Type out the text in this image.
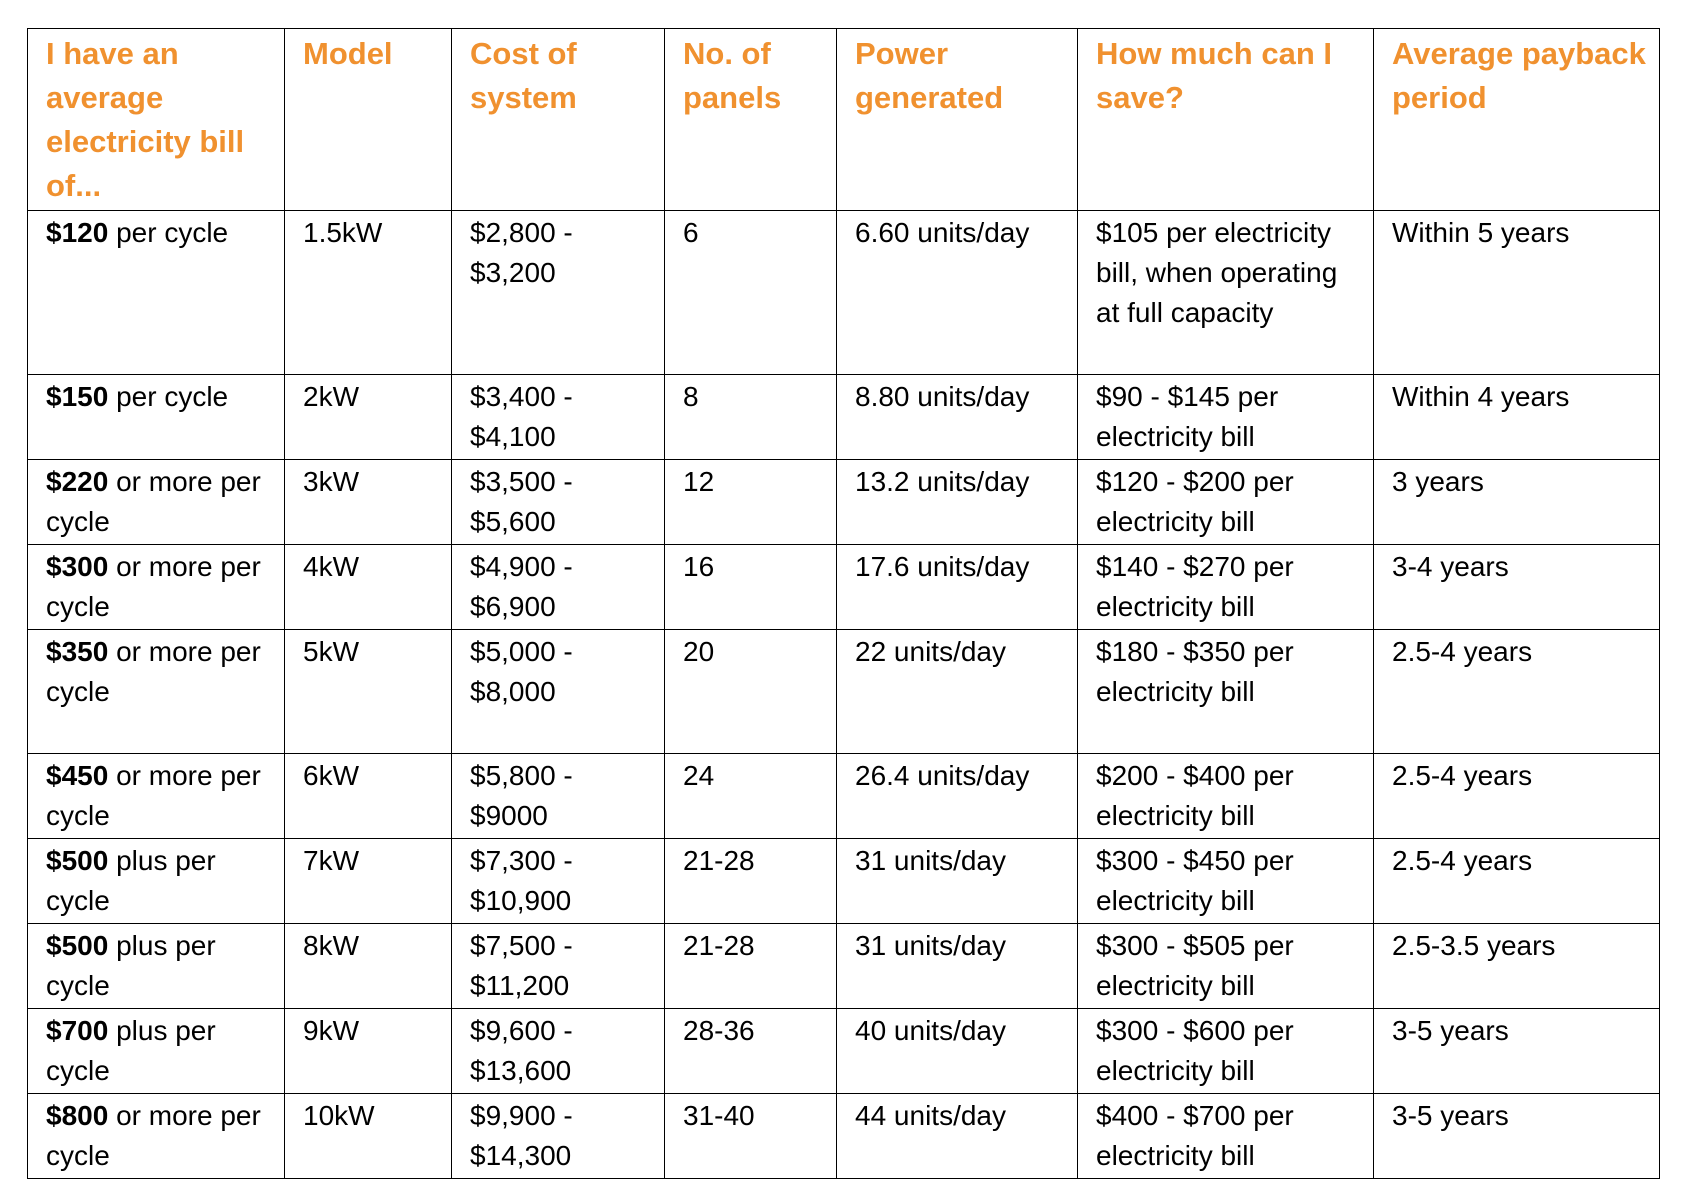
I have an average electricity bill of...	Model	Cost of system	No. of panels	Power generated	How much can I save?	Average payback period
$120 per cycle	1.5kW	$2,800 - $3,200	6	6.60 units/day	$105 per electricity bill, when operating at full capacity	Within 5 years
$150 per cycle	2kW	$3,400 - $4,100	8	8.80 units/day	$90 - $145 per electricity bill	Within 4 years
$220 or more per cycle	3kW	$3,500 - $5,600	12	13.2 units/day	$120 - $200 per electricity bill	3 years
$300 or more per cycle	4kW	$4,900 - $6,900	16	17.6 units/day	$140 - $270 per electricity bill	3-4 years
$350 or more per cycle	5kW	$5,000 - $8,000	20	22 units/day	$180 - $350 per electricity bill	2.5-4 years
$450 or more per cycle	6kW	$5,800 - $9000	24	26.4 units/day	$200 - $400 per electricity bill	2.5-4 years
$500 plus per cycle	7kW	$7,300 - $10,900	21-28	31 units/day	$300 - $450 per electricity bill	2.5-4 years
$500 plus per cycle	8kW	$7,500 - $11,200	21-28	31 units/day	$300 - $505 per electricity bill	2.5-3.5 years
$700 plus per cycle	9kW	$9,600 - $13,600	28-36	40 units/day	$300 - $600 per electricity bill	3-5 years
$800 or more per cycle	10kW	$9,900 - $14,300	31-40	44 units/day	$400 - $700 per electricity bill	3-5 years
